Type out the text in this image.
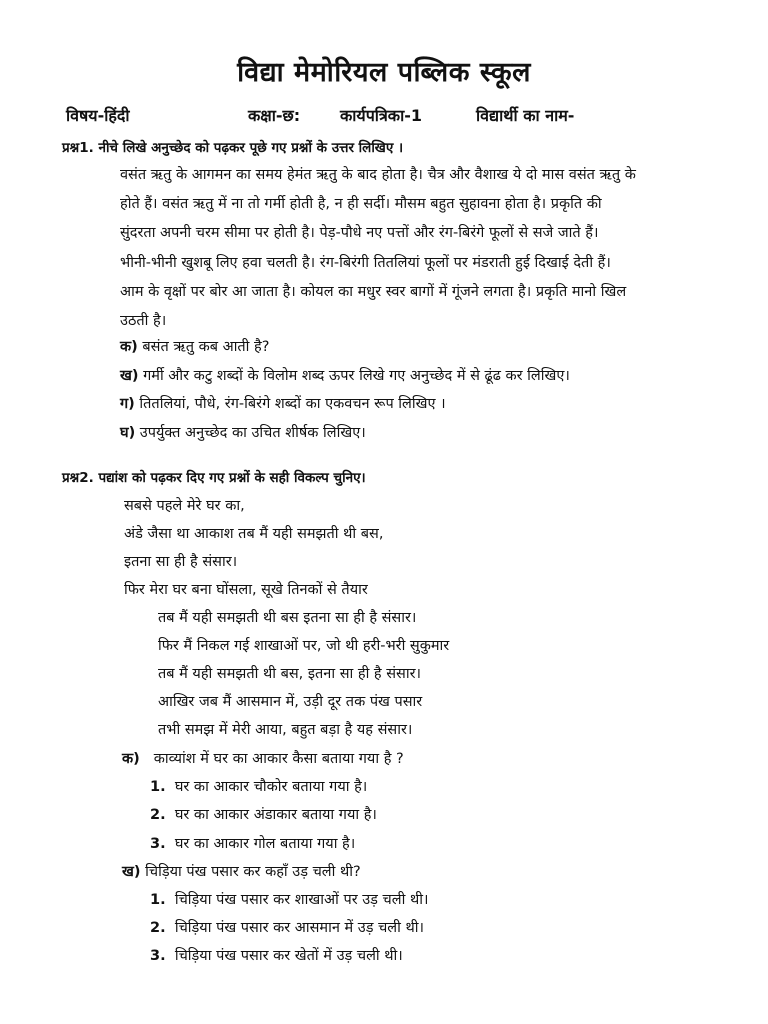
विद्या मेमोरियल पब्लिक स्कूल
विषय-हिंदी	कक्षा-छ: कार्यपत्रिका-1	विद्यार्थी का नाम-
प्रश्न1. नीचे लिखे अनुच्छेद को पढ़कर पूछे गए प्रश्नों के उत्तर लिखिए ।
वसंत ऋतु के आगमन का समय हेमंत ऋतु के बाद होता है। चैत्र और वैशाख ये दो मास वसंत ऋतु के
होते हैं। वसंत ऋतु में ना तो गर्मी होती है, न ही सर्दी। मौसम बहुत सुहावना होता है। प्रकृति की
सुंदरता अपनी चरम सीमा पर होती है। पेड़-पौधे नए पत्तों और रंग-बिरंगे फूलों से सजे जाते हैं।
भीनी-भीनी खुशबू लिए हवा चलती है। रंग-बिरंगी तितलियां फूलों पर मंडराती हुई दिखाई देती हैं।
आम के वृक्षों पर बोर आ जाता है। कोयल का मधुर स्वर बागों में गूंजने लगता है। प्रकृति मानो खिल
उठती है।
क) बसंत ऋतु कब आती है?
ख) गर्मी और कटु शब्दों के विलोम शब्द ऊपर लिखे गए अनुच्छेद में से ढूंढ कर लिखिए।
ग) तितलियां, पौधे, रंग-बिरंगे शब्दों का एकवचन रूप लिखिए ।
घ) उपर्युक्त अनुच्छेद का उचित शीर्षक लिखिए।
प्रश्न2. पद्यांश को पढ़कर दिए गए प्रश्नों के सही विकल्प चुनिए।
सबसे पहले मेरे घर का,
अंडे जैसा था आकाश तब मैं यही समझती थी बस,
इतना सा ही है संसार।
फिर मेरा घर बना घोंसला, सूखे तिनकों से तैयार
तब मैं यही समझती थी बस इतना सा ही है संसार।
फिर मैं निकल गई शाखाओं पर, जो थी हरी-भरी सुकुमार
तब मैं यही समझती थी बस, इतना सा ही है संसार।
आखिर जब मैं आसमान में, उड़ी दूर तक पंख पसार
तभी समझ में मेरी आया, बहुत बड़ा है यह संसार।
क) काव्यांश में घर का आकार कैसा बताया गया है ?
1. घर का आकार चौकोर बताया गया है।
2. घर का आकार अंडाकार बताया गया है।
3. घर का आकार गोल बताया गया है।
ख) चिड़िया पंख पसार कर कहाँ उड़ चली थी?
1. चिड़िया पंख पसार कर शाखाओं पर उड़ चली थी।
2. चिड़िया पंख पसार कर आसमान में उड़ चली थी।
3. चिड़िया पंख पसार कर खेतों में उड़ चली थी।
